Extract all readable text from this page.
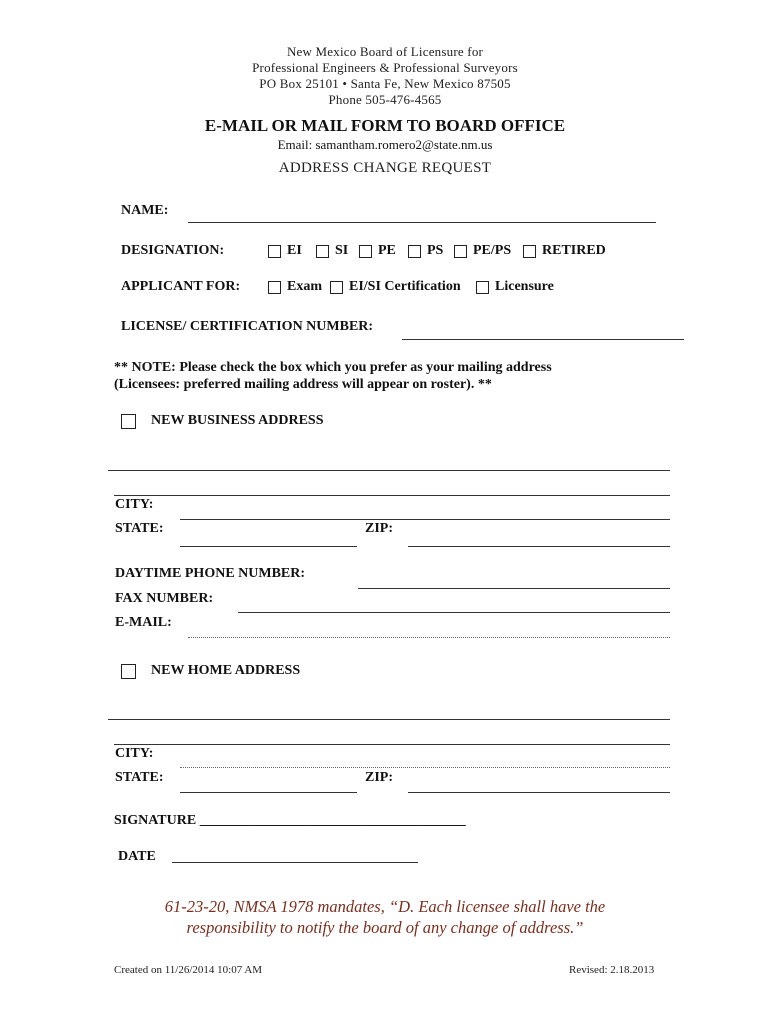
New Mexico Board of Licensure for
Professional Engineers & Professional Surveyors
PO Box 25101 • Santa Fe, New Mexico 87505
Phone 505-476-4565
E-MAIL OR MAIL FORM TO BOARD OFFICE
Email: samantham.romero2@state.nm.us
ADDRESS CHANGE REQUEST
NAME:
DESIGNATION:	EI SI PE PS PE/PS RETIRED
APPLICANT FOR:	Exam EI/SI Certification Licensure
LICENSE/ CERTIFICATION NUMBER:
** NOTE: Please check the box which you prefer as your mailing address
(Licensees: preferred mailing address will appear on roster). **
NEW BUSINESS ADDRESS
CITY:
STATE:	ZIP:
DAYTIME PHONE NUMBER:
FAX NUMBER:
E-MAIL:
NEW HOME ADDRESS
CITY:
STATE:	ZIP:
SIGNATURE ______________________________________
DATE
61-23-20, NMSA 1978 mandates, “D. Each licensee shall have the
responsibility to notify the board of any change of address.”
Created on 11/26/2014 10:07 AM	Revised: 2.18.2013
